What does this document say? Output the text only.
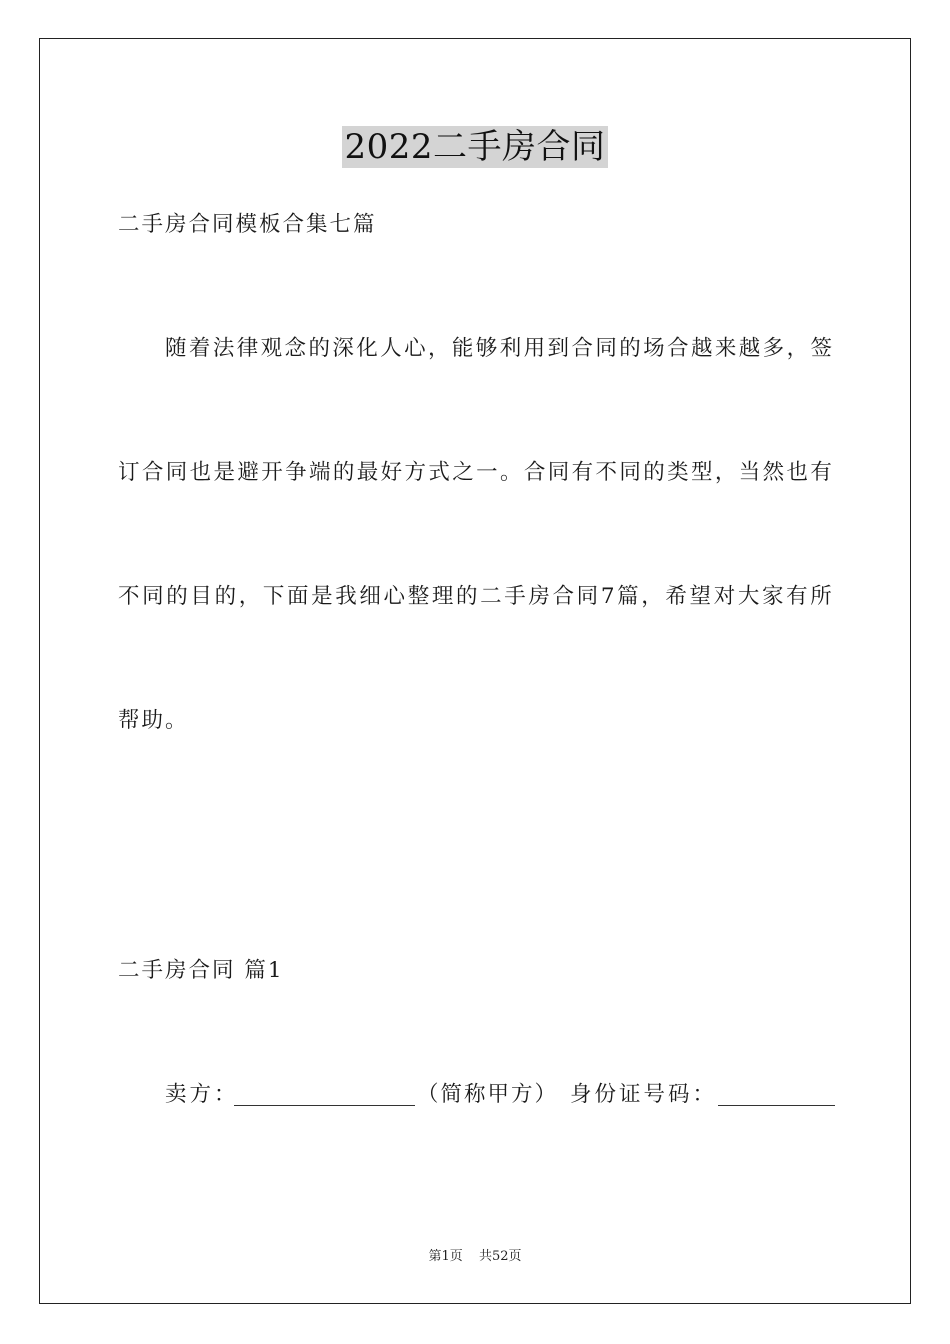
2022二手房合同
二手房合同模板合集七篇
随 着 法 律 观 念 的 深 化 人 心 ， 能 够 利 用 到 合 同 的 场 合 越 来 越 多 ， 签
订 合 同 也 是 避 开 争 端 的 最 好 方 式 之 一 。 合 同 有 不 同 的 类 型 ， 当 然 也 有
不 同 的 目 的 ， 下 面 是 我 细 心 整 理 的 二 手 房 合 同 7 篇 ， 希 望 对 大 家 有 所
帮助。
二手房合同 篇1
卖方：	（简称甲方） 身份证号码：
第1页 共52页
